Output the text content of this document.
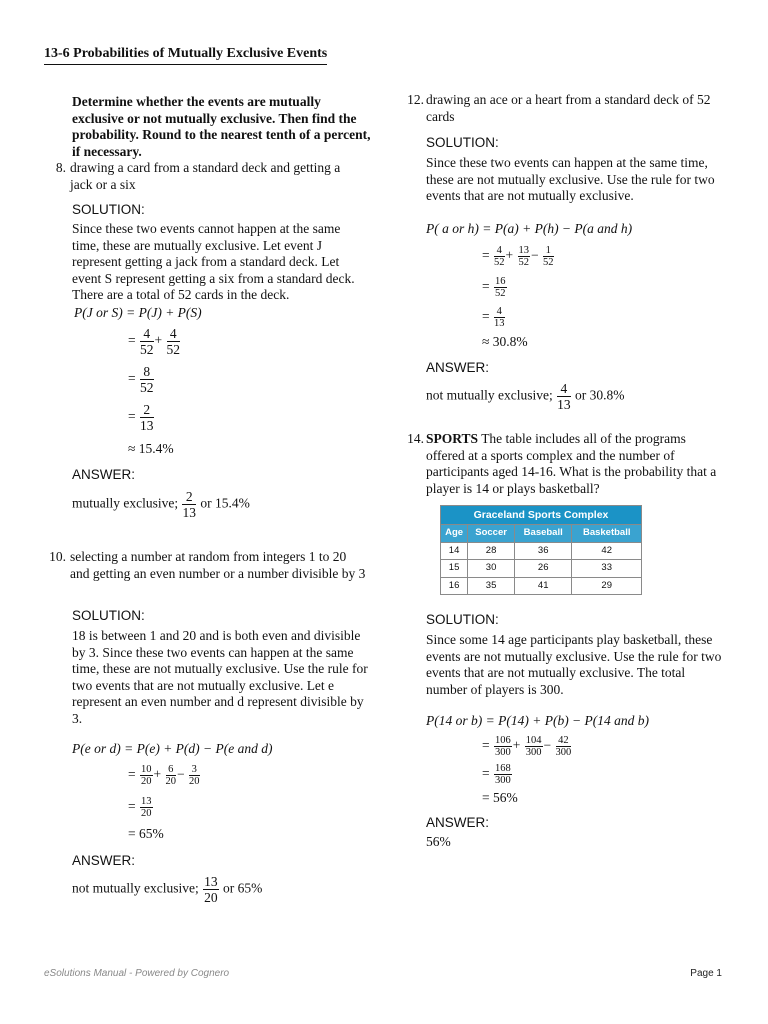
13-6 Probabilities of Mutually Exclusive Events
Determine whether the events are mutually exclusive or not mutually exclusive. Then find the probability. Round to the nearest tenth of a percent, if necessary.
8. drawing a card from a standard deck and getting a jack or a six
SOLUTION:
Since these two events cannot happen at the same time, these are mutually exclusive. Let event J represent getting a jack from a standard deck. Let event S represent getting a six from a standard deck. There are a total of 52 cards in the deck.
P(J or S) = P(J) + P(S)
= $\frac{4}{52} + \frac{4}{52}$
= $\frac{8}{52}$
= $\frac{2}{13}$
≈ 15.4%
ANSWER:
mutually exclusive; $\frac{2}{13}$ or 15.4%
10. selecting a number at random from integers 1 to 20 and getting an even number or a number divisible by 3
SOLUTION:
18 is between 1 and 20 and is both even and divisible by 3. Since these two events can happen at the same time, these are not mutually exclusive. Use the rule for two events that are not mutually exclusive. Let e represent an even number and d represent divisible by 3.
P(e or d) = P(e) + P(d) − P(e and d)
= $\frac{10}{20} + \frac{6}{20} - \frac{3}{20}$
= $\frac{13}{20}$
= 65%
ANSWER:
not mutually exclusive; $\frac{13}{20}$ or 65%
12. drawing an ace or a heart from a standard deck of 52 cards
SOLUTION:
Since these two events can happen at the same time, these are not mutually exclusive. Use the rule for two events that are not mutually exclusive.
P( a or h) = P(a) + P(h) − P(a and h)
= $\frac{4}{52} + \frac{13}{52} - \frac{1}{52}$
= $\frac{16}{52}$
= $\frac{4}{13}$
≈ 30.8%
ANSWER:
not mutually exclusive; $\frac{4}{13}$ or 30.8%
14. SPORTS The table includes all of the programs offered at a sports complex and the number of participants aged 14-16. What is the probability that a player is 14 or plays basketball?
Graceland Sports Complex			
Age	Soccer	Baseball	Basketball
14	28	36	42
15	30	26	33
16	35	41	29
SOLUTION:
Since some 14 age participants play basketball, these events are not mutually exclusive. Use the rule for two events that are not mutually exclusive. The total number of players is 300.
P(14 or b) = P(14) + P(b) − P(14 and b)
= $\frac{106}{300} + \frac{104}{300} - \frac{42}{300}$
= $\frac{168}{300}$
= 56%
ANSWER:
56%
eSolutions Manual - Powered by Cognero	Page 1
